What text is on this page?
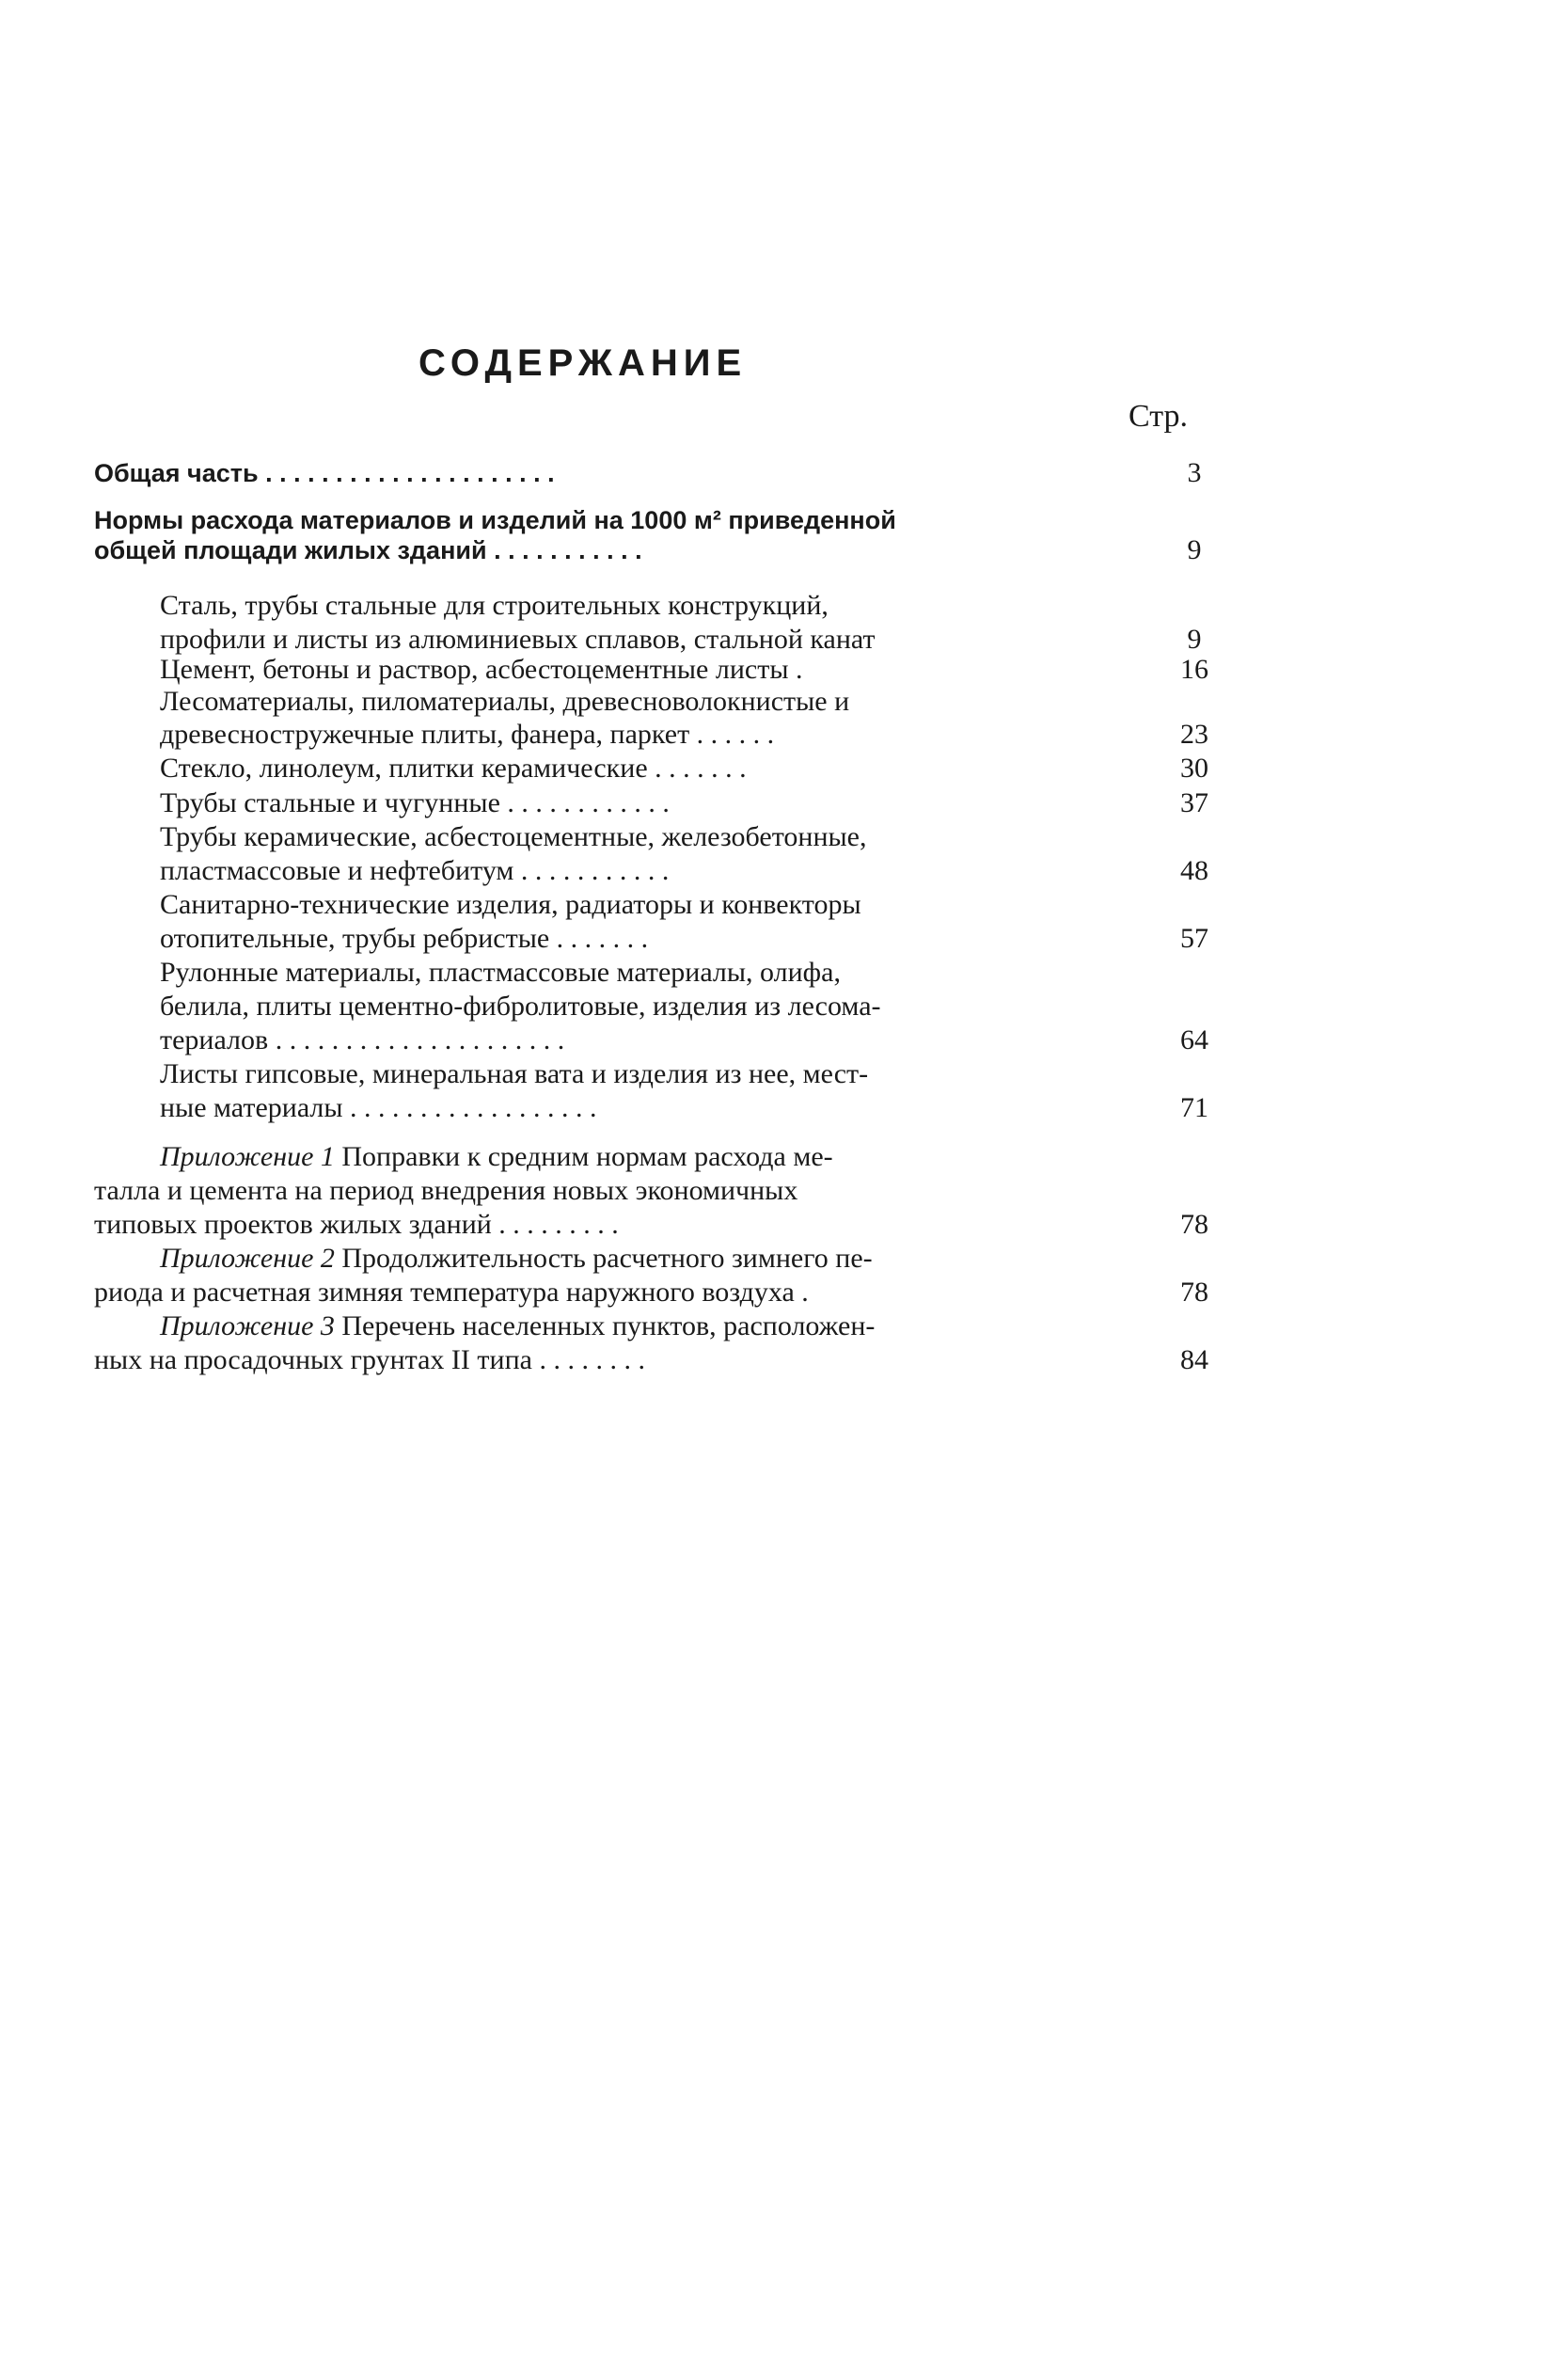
СОДЕРЖАНИЕ
Стр.
Общая часть . . . . . . . . . . . . . . . . . . . . .	3
Нормы расхода материалов и изделий на 1000 м² приведенной
общей площади жилых зданий . . . . . . . . . . .	9
Сталь, трубы стальные для строительных конструкций,
профили и листы из алюминиевых сплавов, стальной канат	9
Цемент, бетоны и раствор, асбестоцементные листы .	16
Лесоматериалы, пиломатериалы, древесноволокнистые и
древесностружечные плиты, фанера, паркет . . . . . .	23
Стекло, линолеум, плитки керамические . . . . . . .	30
Трубы стальные и чугунные . . . . . . . . . . . .	37
Трубы керамические, асбестоцементные, железобетонные,
пластмассовые и нефтебитум . . . . . . . . . . .	48
Санитарно-технические изделия, радиаторы и конвекторы
отопительные, трубы ребристые . . . . . . .	57
Рулонные материалы, пластмассовые материалы, олифа,
белила, плиты цементно-фибролитовые, изделия из лесома-
териалов . . . . . . . . . . . . . . . . . . . . .	64
Листы гипсовые, минеральная вата и изделия из нее, мест-
ные материалы . . . . . . . . . . . . . . . . . .	71
Приложение 1 Поправки к средним нормам расхода ме-
талла и цемента на период внедрения новых экономичных
типовых проектов жилых зданий . . . . . . . . .	78
Приложение 2 Продолжительность расчетного зимнего пе-
риода и расчетная зимняя температура наружного воздуха .	78
Приложение 3 Перечень населенных пунктов, расположен-
ных на просадочных грунтах II типа . . . . . . . .	84
